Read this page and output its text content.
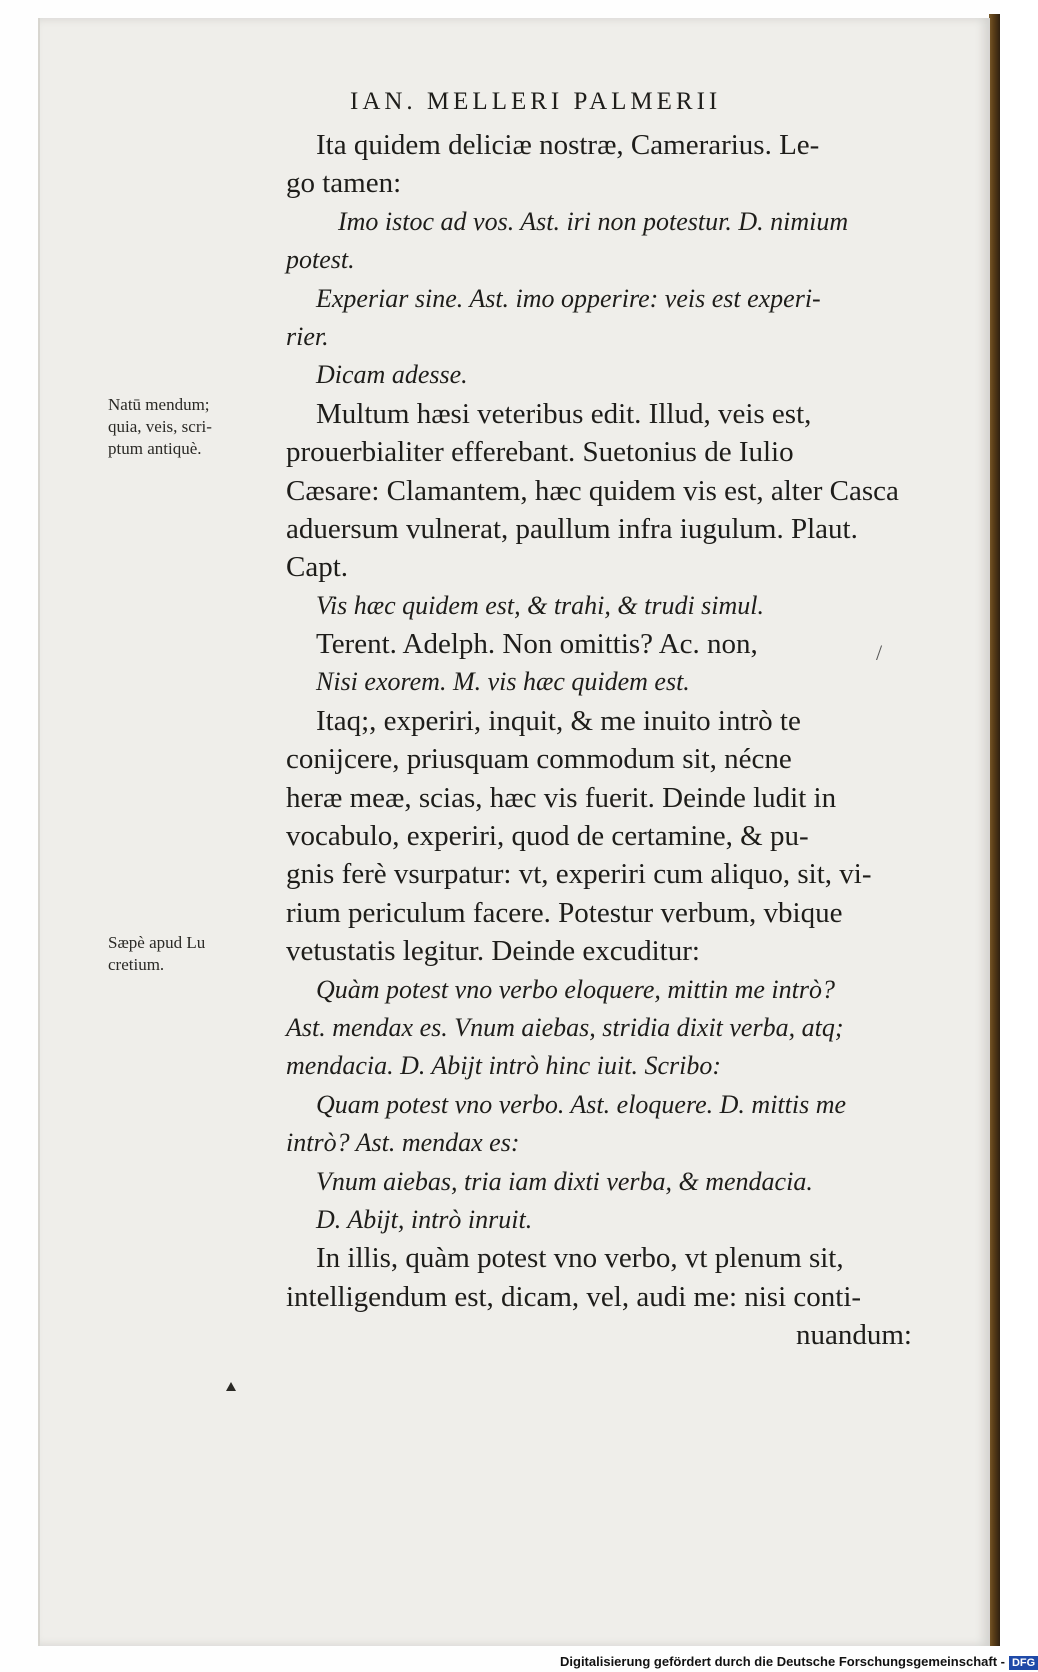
IAN. MELLERI PALMERII
Ita quidem deliciæ nostræ, Camerarius. Le-
go tamen:
Imo istoc ad vos. Ast. iri non potestur. D. nimium
potest.
Experiar sine. Ast. imo opperire: veis est experi-
rier.
Dicam adesse.
Multum hæsi veteribus edit. Illud, veis est,
prouerbialiter efferebant. Suetonius de Iulio
Cæsare: Clamantem, hæc quidem vis est, alter Casca
aduersum vulnerat, paullum infra iugulum. Plaut.
Capt.
Vis hæc quidem est, & trahi, & trudi simul.
Terent. Adelph. Non omittis? Ac. non,
Nisi exorem. M. vis hæc quidem est.
Itaq;, experiri, inquit, & me inuito intrò te
conijcere, priusquam commodum sit, nécne
heræ meæ, scias, hæc vis fuerit. Deinde ludit in
vocabulo, experiri, quod de certamine, & pu-
gnis ferè vsurpatur: vt, experiri cum aliquo, sit, vi-
rium periculum facere. Potestur verbum, vbique
vetustatis legitur. Deinde excuditur:
Quàm potest vno verbo eloquere, mittin me intrò?
Ast. mendax es. Vnum aiebas, stridia dixit verba, atq;
mendacia. D. Abijt intrò hinc iuit. Scribo:
Quam potest vno verbo. Ast. eloquere. D. mittis me
intrò? Ast. mendax es:
Vnum aiebas, tria iam dixti verba, & mendacia.
D. Abijt, intrò inruit.
In illis, quàm potest vno verbo, vt plenum sit,
intelligendum est, dicam, vel, audi me: nisi conti-
nuandum:
Natū mendum;
quia, veis, scri-
ptum antiquè.
Sæpè apud Lu
cretium.
/
Digitalisierung gefördert durch die Deutsche Forschungsgemeinschaft - DFG
